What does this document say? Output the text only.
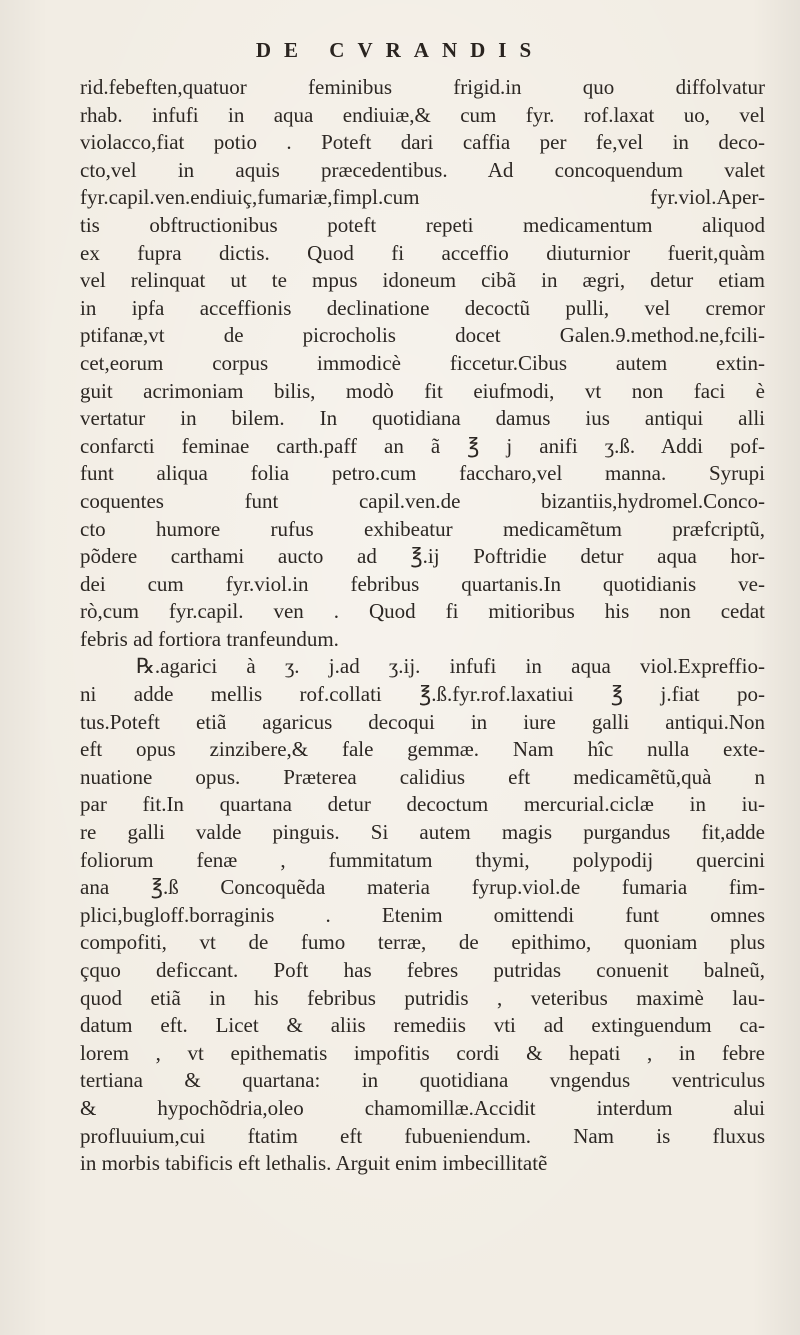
DE CVRANDIS
rid.febeften,quatuor feminibus frigid.in quo diffolvatur
rhab. infufi in aqua endiuiæ,& cum fyr. rof.laxat uo, vel
violacco,fiat potio . Poteft dari caffia per fe,vel in deco-
cto,vel in aquis præcedentibus. Ad concoquendum valet
fyr.capil.ven.endiuiç,fumariæ,fimpl.cum fyr.viol.Aper-
tis obftructionibus poteft repeti medicamentum aliquod
ex fupra dictis. Quod fi acceffio diuturnior fuerit,quàm
vel relinquat ut te mpus idoneum cibã in ægri, detur etiam
in ipfa acceffionis declinatione decoctũ pulli, vel cremor
ptifanæ,vt de picrocholis docet Galen.9.method.ne,fcili-
cet,eorum corpus immodicè ficcetur.Cibus autem extin-
guit acrimoniam bilis, modò fit eiufmodi, vt non faci è
vertatur in bilem. In quotidiana damus ius antiqui alli
confarcti feminae carth.paff an ã ℥ j anifi ʒ.ß. Addi pof-
funt aliqua folia petro.cum faccharo,vel manna. Syrupi
coquentes funt capil.ven.de bizantiis,hydromel.Conco-
cto humore rufus exhibeatur medicamẽtum præfcriptũ,
põdere carthami aucto ad ℥.ij Poftridie detur aqua hor-
dei cum fyr.viol.in febribus quartanis.In quotidianis ve-
rò,cum fyr.capil. ven . Quod fi mitioribus his non cedat
febris ad fortiora tranfeundum.
℞.agarici à ʒ. j.ad ʒ.ij. infufi in aqua viol.Expreffio-
ni adde mellis rof.collati ℥.ß.fyr.rof.laxatiui ℥ j.fiat po-
tus.Poteft etiã agaricus decoqui in iure galli antiqui.Non
eft opus zinzibere,& fale gemmæ. Nam hîc nulla exte-
nuatione opus. Præterea calidius eft medicamẽtũ,quà n
par fit.In quartana detur decoctum mercurial.ciclæ in iu-
re galli valde pinguis. Si autem magis purgandus fit,adde
foliorum fenæ , fummitatum thymi, polypodij quercini
ana ℥.ß Concoquẽda materia fyrup.viol.de fumaria fim-
plici,bugloff.borraginis . Etenim omittendi funt omnes
compofiti, vt de fumo terræ, de epithimo, quoniam plus
çquo deficcant. Poft has febres putridas conuenit balneũ,
quod etiã in his febribus putridis , veteribus maximè lau-
datum eft. Licet & aliis remediis vti ad extinguendum ca-
lorem , vt epithematis impofitis cordi & hepati , in febre
tertiana & quartana: in quotidiana vngendus ventriculus
& hypochõdria,oleo chamomillæ.Accidit interdum alui
profluuium,cui ftatim eft fubueniendum. Nam is fluxus
in morbis tabificis eft lethalis. Arguit enim imbecillitatẽ
